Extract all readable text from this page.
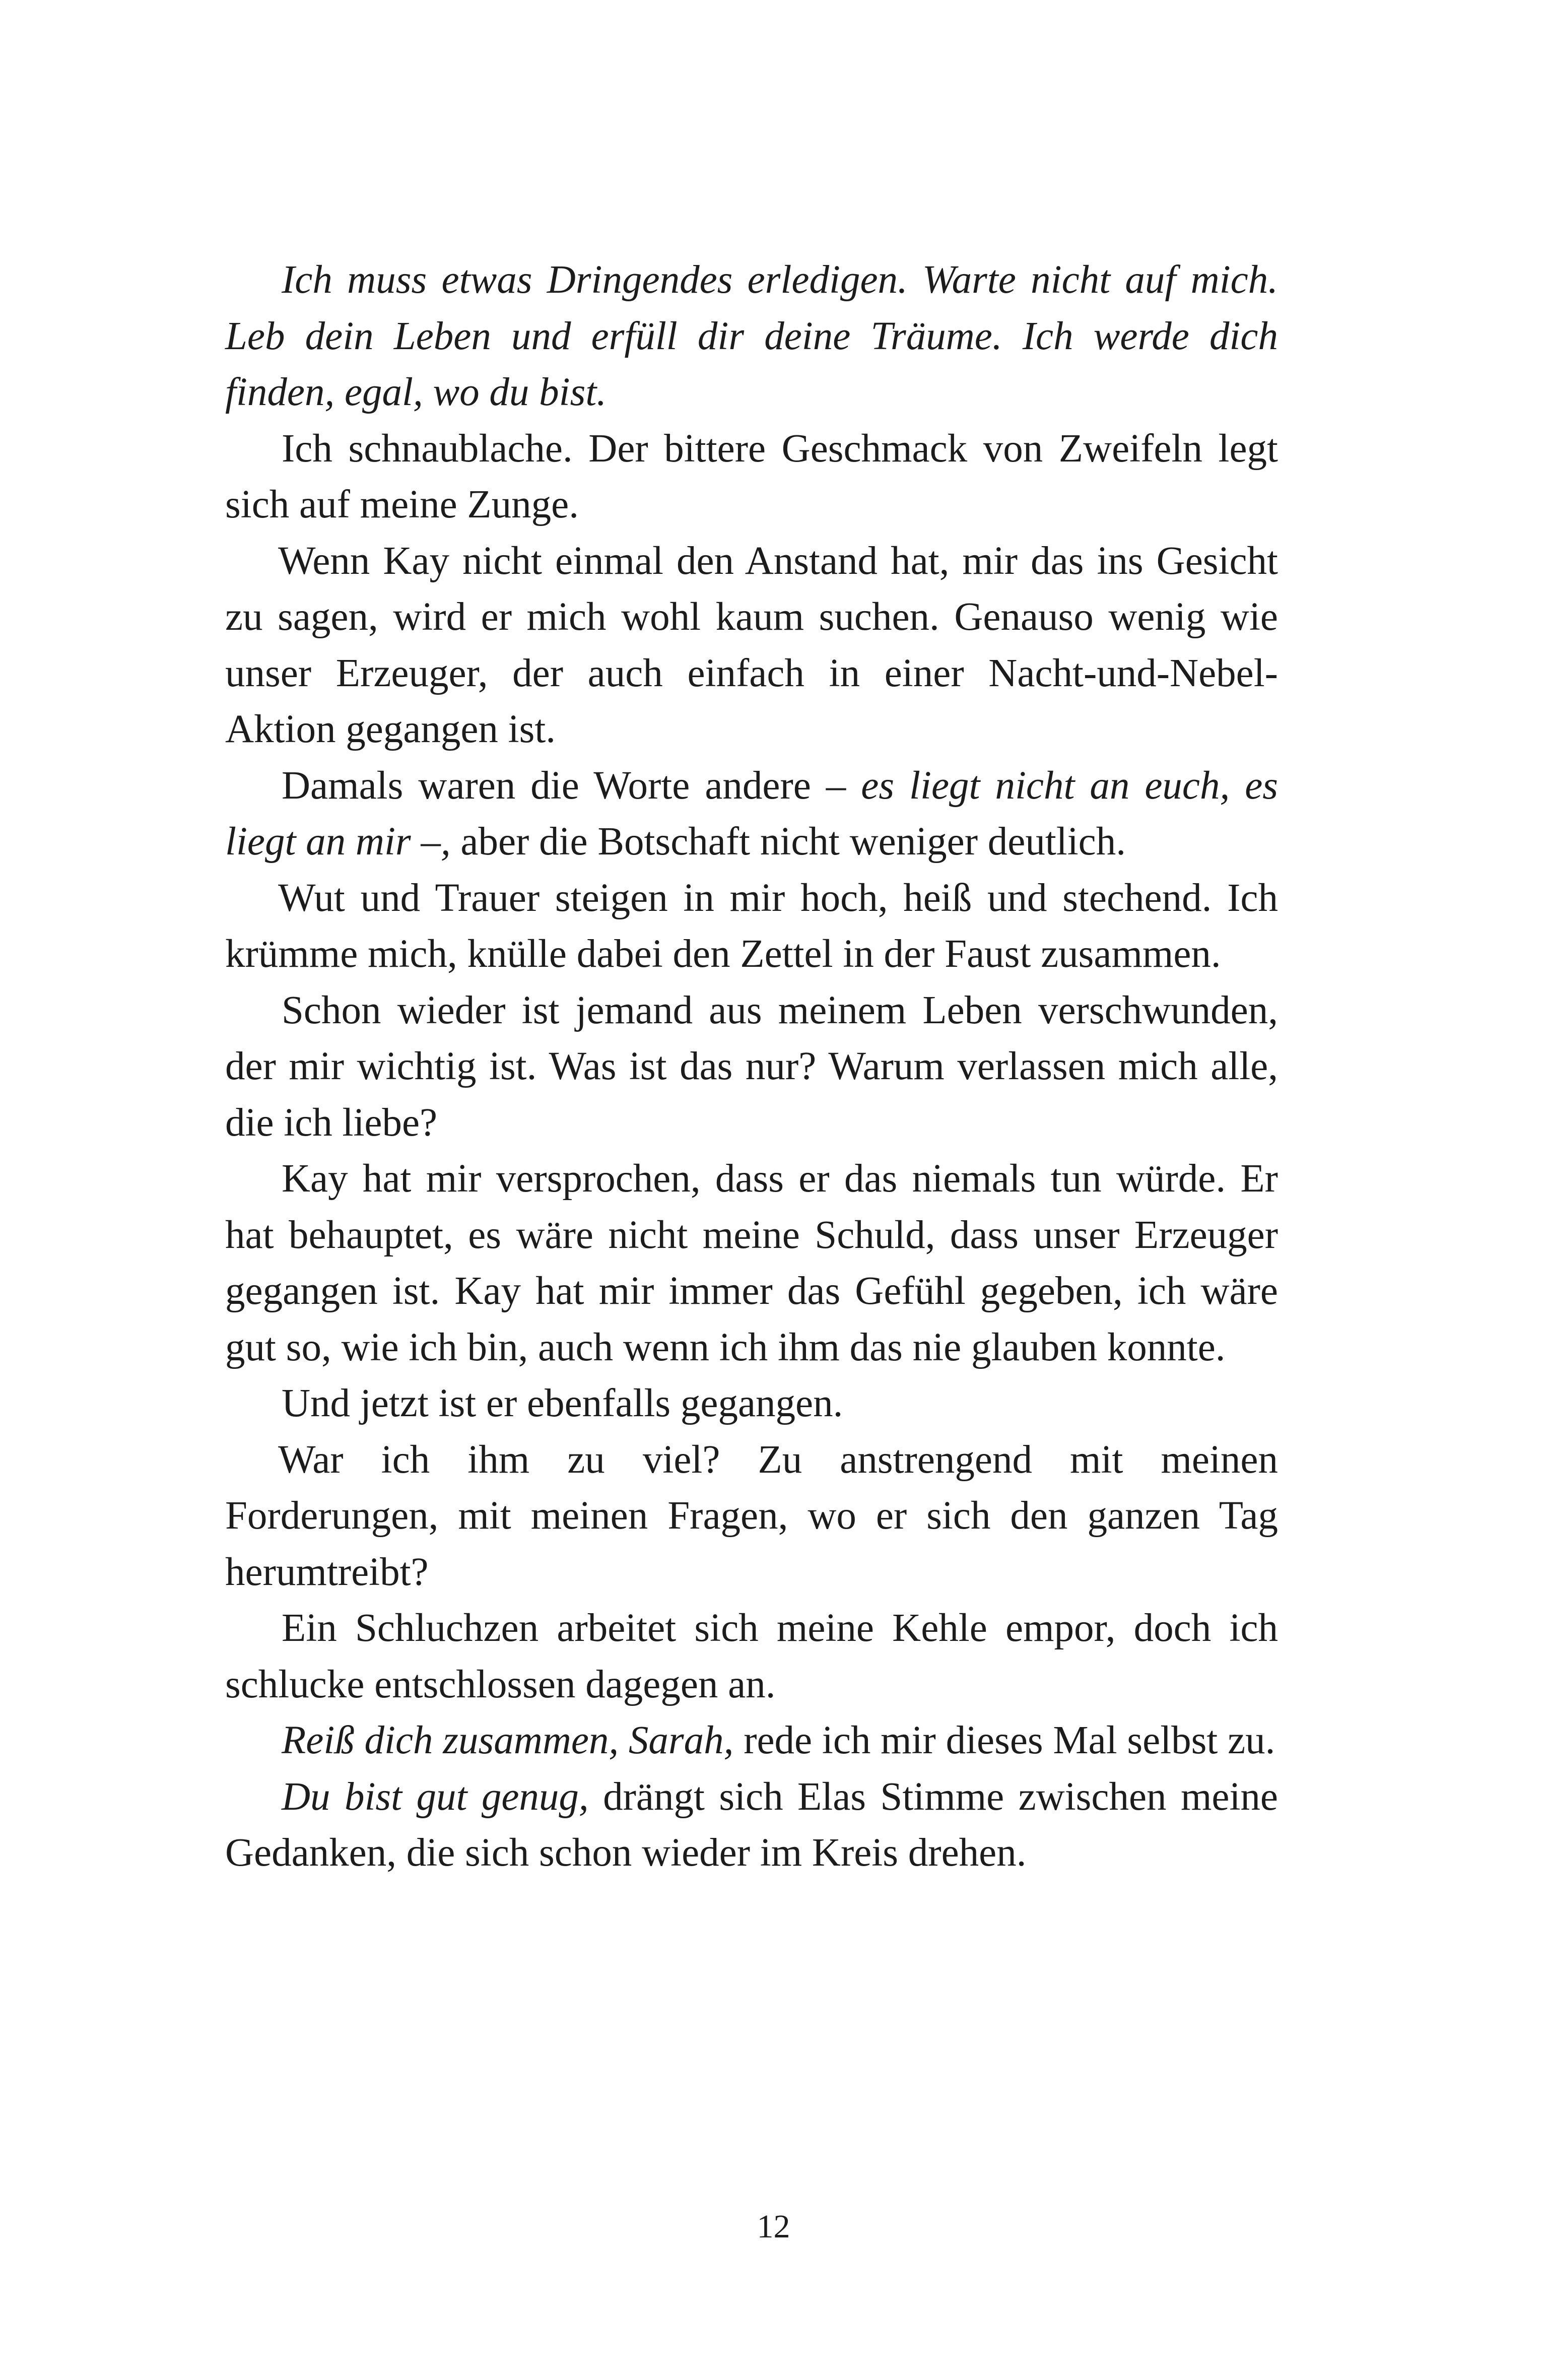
Ich muss etwas Dringendes erledigen. Warte nicht auf mich. Leb dein Leben und erfüll dir deine Träume. Ich werde dich finden, egal, wo du bist.

Ich schnaublache. Der bittere Geschmack von Zweifeln legt sich auf meine Zunge.

Wenn Kay nicht einmal den Anstand hat, mir das ins Gesicht zu sagen, wird er mich wohl kaum suchen. Genauso wenig wie unser Erzeuger, der auch einfach in einer Nacht-und-Nebel-Aktion gegangen ist.

Damals waren die Worte andere – es liegt nicht an euch, es liegt an mir –, aber die Botschaft nicht weniger deutlich.

Wut und Trauer steigen in mir hoch, heiß und stechend. Ich krümme mich, knülle dabei den Zettel in der Faust zusammen.

Schon wieder ist jemand aus meinem Leben verschwunden, der mir wichtig ist. Was ist das nur? Warum verlassen mich alle, die ich liebe?

Kay hat mir versprochen, dass er das niemals tun würde. Er hat behauptet, es wäre nicht meine Schuld, dass unser Erzeuger gegangen ist. Kay hat mir immer das Gefühl gegeben, ich wäre gut so, wie ich bin, auch wenn ich ihm das nie glauben konnte.

Und jetzt ist er ebenfalls gegangen.

War ich ihm zu viel? Zu anstrengend mit meinen Forderungen, mit meinen Fragen, wo er sich den ganzen Tag herumtreibt?

Ein Schluchzen arbeitet sich meine Kehle empor, doch ich schlucke entschlossen dagegen an.

Reiß dich zusammen, Sarah, rede ich mir dieses Mal selbst zu.

Du bist gut genug, drängt sich Elas Stimme zwischen meine Gedanken, die sich schon wieder im Kreis drehen.

12
